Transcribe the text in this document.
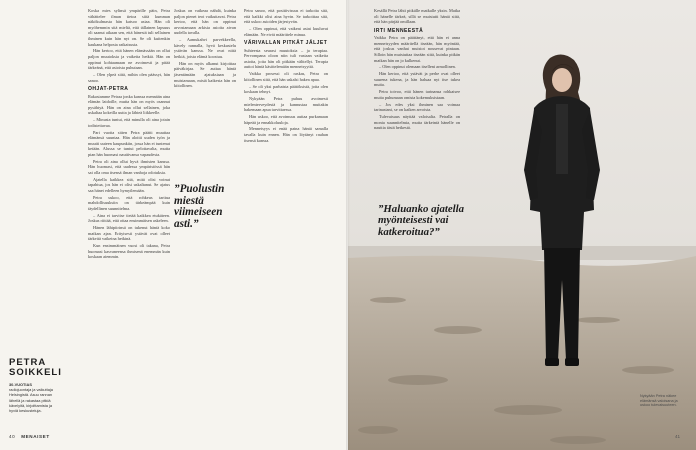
Koska mies sylinsä ympärille päin, Petra vähättelee ilman tietoa siitä kumman näkökulmasta hän katsoo asiaa. Hän oli myöhemmin sitä mieltä, että tällainen lapsuus oli saanut aikaan sen, että hänestä tuli sellainen ihminen kuin hän nyt on. Se oli kuitenkin kaukana helposta ratkaisusta.

Hän kertoo, että hänen elämässään on ollut paljon muutoksia ja vaikeita hetkiä. Hän on oppinut kohtaamaan ne avoimesti ja pitää tärkeänä, että asioista puhutaan.

– Olen ylpeä siitä, mihin olen päässyt, hän sanoo.

OHJAT-PETRA

Rakastamme Petraa jonka kanssa mennään aina elämän laidoille, mutta hän on myös osannut pysähtyä. Hän on aina ollut sellainen, joka uskaltaa kokeilla uutta ja lähteä liikkeelle.

– Minusta tuntui, että minulla oli aina jotain todistettavaa.

Pari vuotta sitten Petra päätti muuttaa elämänsä suuntaa. Hän aloitti uuden työn ja muutti uuteen kaupunkiin, jossa hän ei tuntenut ketään. Alussa se tuntui pelottavalta, mutta pian hän huomasi nauttivansa vapaudesta.

Petra oli aina ollut hyvä ihmisten kanssa. Hän huomasi, että uudessa ympäristössä hän sai olla oma itsensä ilman vanhoja odotuksia.

Ajatella kaikkea sitä, mitä olisi voinut tapahtua, jos hän ei olisi uskaltanut. Se ajatus saa hänet edelleen hymyilemään.

Petra uskoo, että rohkeus tarttua mahdollisuuksiin on tärkeämpää kuin täydellinen suunnitelma.

– Aina ei tarvitse tietää kaikkea etukäteen. Joskus riittää, että ottaa ensimmäisen askeleen.

Hänen lähipiirinsä on tukenut häntä koko matkan ajan. Erityisesti ystävät ovat olleet tärkeitä vaikeina hetkinä.

Kun ensimmäinen vuosi oli takana, Petra huomasi kasvaneensa ihmisenä enemmän kuin koskaan aiemmin.

Joskus on vaikeaa nähdä, kuinka paljon pienet teot vaikuttavat. Petra kertoo, että hän on oppinut arvostamaan arkisia asioita aivan uudella tavalla.

– Aamukahvi parvekkeella, kävely rannalla, hyvä keskustelu ystävän kanssa. Ne ovat niitä hetkiä, joista elämä koostuu.

Hän on myös alkanut kirjoittaa päiväkirjaa. Se auttaa häntä jäsentämään ajatuksiaan ja muistamaan, mistä kaikesta hän on kiitollinen.

”Puolustin miestä viimeiseen asti.”

Petra sanoo, että positiivisuus ei tarkoita sitä, että kaikki olisi aina hyvin. Se tarkoittaa sitä, että uskoo asioiden järjestyvän.

– Olen oppinut, että vaikeat asiat kuuluvat elämään. Ne eivät määrittele minua.

VÄRIVALLAN PITKÄT JÄLJET

Suhteesta seurasi muutoksia – ja terapiaa. Pervompana oloon niin tuli vastaan vaikeita asioita, joita hän oli pitkään välttellyt. Terapia auttoi häntä käsittelemään menneisyyttä.

Vaikka prosessi oli raskas, Petra on kiitollinen siitä, että hän uskalsi hakea apua.

– Se oli yksi parhaista päätöksistä, joita olen koskaan tehnyt.

Nykyään Petra puhuu avoimesti mielenterveydestä ja kannustaa muitakin hakemaan apua tarvittaessa.

Hän uskoo, että avoimuus auttaa purkamaan häpeää ja ennakkoluuloja.

Menneisyys ei enää paina häntä samalla tavalla kuin ennen. Hän on löytänyt rauhan itsensä kanssa.

PETRA
SOIKKELI
30-VUOTIAS radiojuontaja ja vaikuttaja Helsingistä. Asuu rannan lähellä ja rakastaa pitkiä kävelyitä, kirjoittamista ja hyviä keskusteluja.
40 MENAISET
”Haluanko ajatella myönteisesti vai katkeroitua?”

Kesällä Petra lähti pitkälle matkalle yksin. Matka oli hänelle tärkeä, sillä se muistutti häntä siitä, että hän pärjää omillaan.

IRTI MENNEESTÄ

Vaikka Petra on päättänyt, että hän ei anna menneisyyden määritellä itseään, hän myöntää, että joskus vanhat muistot nousevat pintaan. Silloin hän muistuttaa itseään siitä, kuinka pitkän matkan hän on jo kulkenut.

– Olen oppinut olemaan itselleni armollinen.

Hän kertoo, että ystävät ja perhe ovat olleet suurena tukena, ja hän haluaa nyt itse tukea muita.

Petra toivoo, että hänen tarinansa rohkaisee muita puhumaan omista kokemuksistaan.

– Jos edes yksi ihminen saa voimaa tarinastani, se on kaiken arvoista.

Tulevaisuus näyttää valoisalta. Petralla on monia suunnitelmia, mutta tärkeintä hänelle on nauttia tästä hetkestä.

Nykyään Petra näkee elämänsä valoisana ja uskoo tulevaisuuteen.
41
